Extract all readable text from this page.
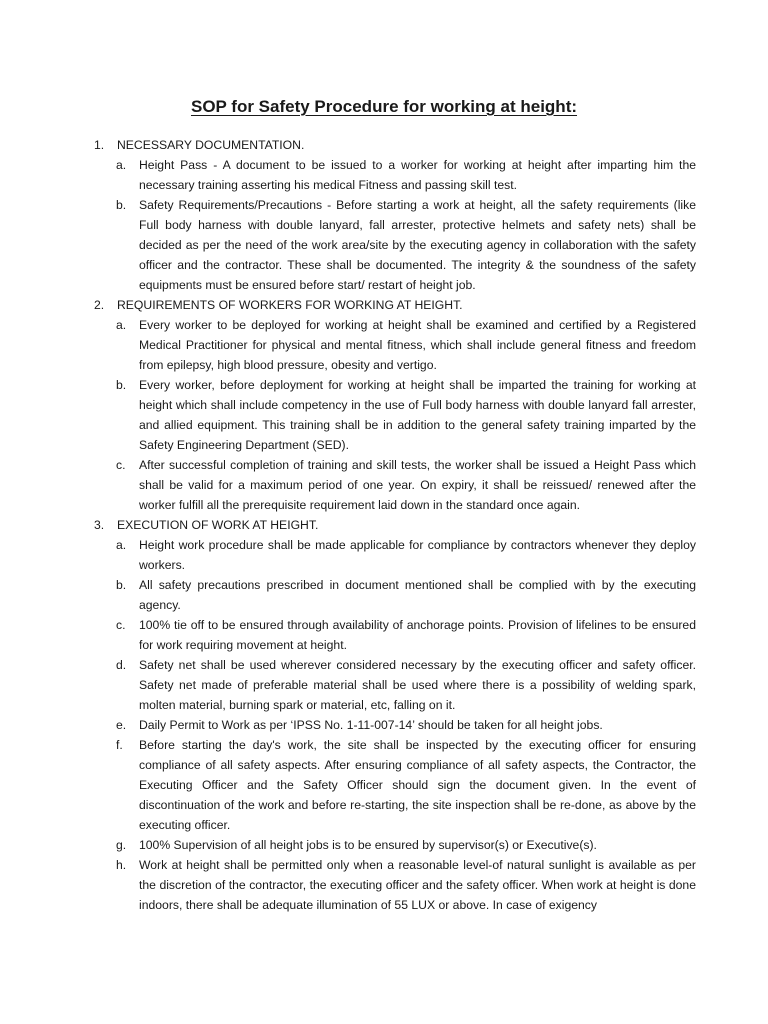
SOP for Safety Procedure for working at height:
1. NECESSARY DOCUMENTATION.
a. Height Pass - A document to be issued to a worker for working at height after imparting him the necessary training asserting his medical Fitness and passing skill test.
b. Safety Requirements/Precautions - Before starting a work at height, all the safety requirements (like Full body harness with double lanyard, fall arrester, protective helmets and safety nets) shall be decided as per the need of the work area/site by the executing agency in collaboration with the safety officer and the contractor. These shall be documented. The integrity & the soundness of the safety equipments must be ensured before start/ restart of height job.
2. REQUIREMENTS OF WORKERS FOR WORKING AT HEIGHT.
a. Every worker to be deployed for working at height shall be examined and certified by a Registered Medical Practitioner for physical and mental fitness, which shall include general fitness and freedom from epilepsy, high blood pressure, obesity and vertigo.
b. Every worker, before deployment for working at height shall be imparted the training for working at height which shall include competency in the use of Full body harness with double lanyard fall arrester, and allied equipment. This training shall be in addition to the general safety training imparted by the Safety Engineering Department (SED).
c. After successful completion of training and skill tests, the worker shall be issued a Height Pass which shall be valid for a maximum period of one year. On expiry, it shall be reissued/ renewed after the worker fulfill all the prerequisite requirement laid down in the standard once again.
3. EXECUTION OF WORK AT HEIGHT.
a. Height work procedure shall be made applicable for compliance by contractors whenever they deploy workers.
b. All safety precautions prescribed in document mentioned shall be complied with by the executing agency.
c. 100% tie off to be ensured through availability of anchorage points. Provision of lifelines to be ensured for work requiring movement at height.
d. Safety net shall be used wherever considered necessary by the executing officer and safety officer. Safety net made of preferable material shall be used where there is a possibility of welding spark, molten material, burning spark or material, etc, falling on it.
e. Daily Permit to Work as per ‘IPSS No. 1-11-007-14’ should be taken for all height jobs.
f. Before starting the day's work, the site shall be inspected by the executing officer for ensuring compliance of all safety aspects. After ensuring compliance of all safety aspects, the Contractor, the Executing Officer and the Safety Officer should sign the document given. In the event of discontinuation of the work and before re-starting, the site inspection shall be re-done, as above by the executing officer.
g. 100% Supervision of all height jobs is to be ensured by supervisor(s) or Executive(s).
h. Work at height shall be permitted only when a reasonable level-of natural sunlight is available as per the discretion of the contractor, the executing officer and the safety officer. When work at height is done indoors, there shall be adequate illumination of 55 LUX or above. In case of exigency
